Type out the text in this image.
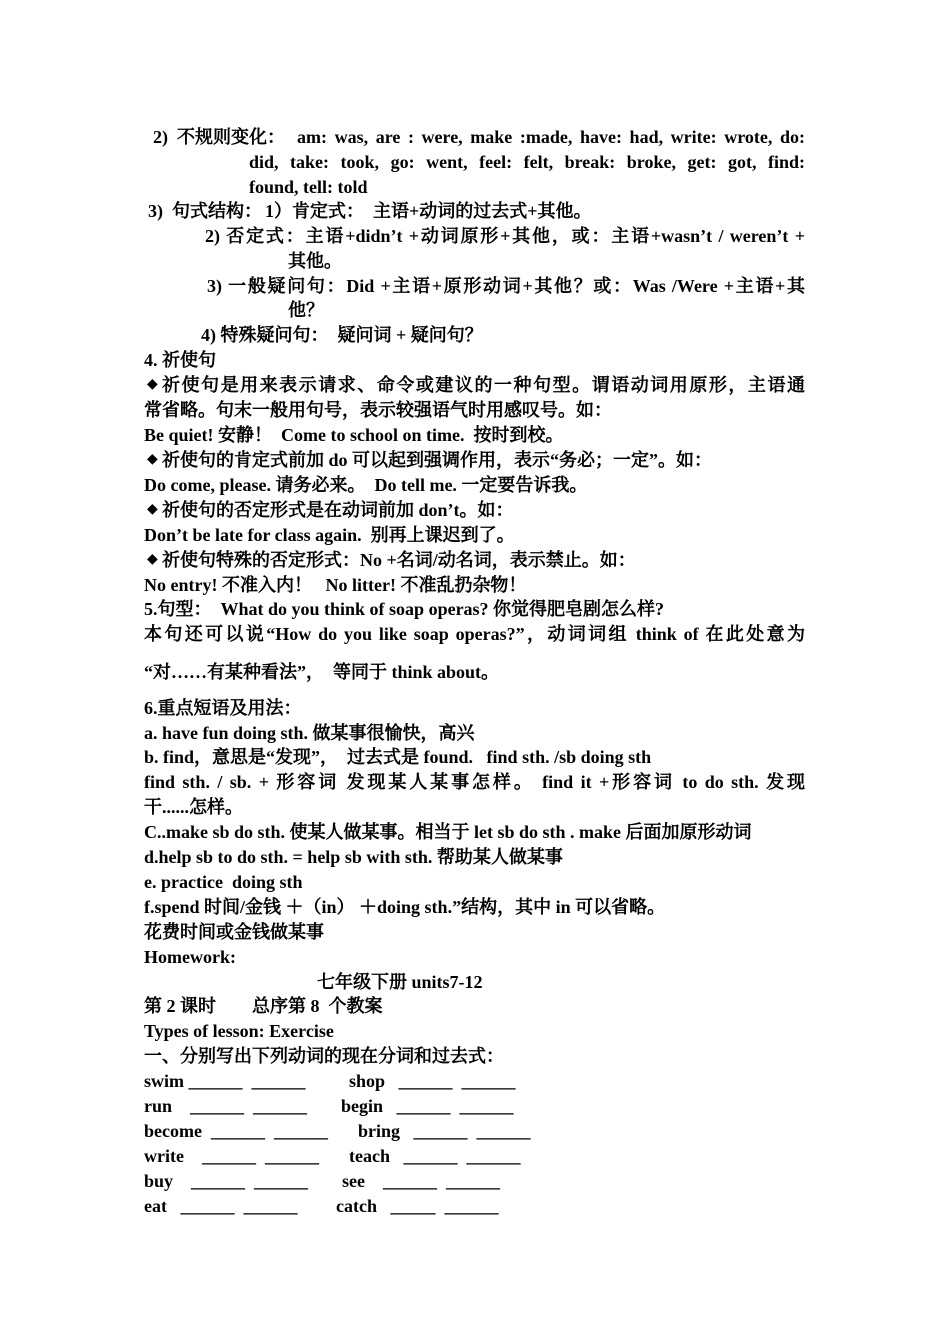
2)  不规则变化： am: was, are : were, make :made, have: had, write: wrote, do:
did, take: took, go: went, feel: felt, break: broke, get: got, find:
found, tell: told
3)  句式结构： 1）肯定式：  主语+动词的过去式+其他。
2) 否定式：主语+didn’t +动词原形+其他，或：主语+wasn’t / weren’t +
其他。
3) 一般疑问句：Did +主语+原形动词+其他？或：Was /Were +主语+其
他？
4) 特殊疑问句：  疑问词 + 疑问句？
4. 祈使句
◆ 祈使句是用来表示请求、命令或建议的一种句型。谓语动词用原形，主语通
常省略。句末一般用句号，表示较强语气时用感叹号。如：
Be quiet! 安静！  Come to school on time.  按时到校。
◆ 祈使句的肯定式前加 do 可以起到强调作用，表示“务必；一定”。如：
Do come, please. 请务必来。  Do tell me. 一定要告诉我。
◆ 祈使句的否定形式是在动词前加 don’t。如：
Don’t be late for class again.  别再上课迟到了。
◆ 祈使句特殊的否定形式：No +名词/动名词，表示禁止。如：
No entry! 不准入内！   No litter! 不准乱扔杂物！
5.句型：  What do you think of soap operas? 你觉得肥皂剧怎么样?
本句还可以说“How do you like soap operas?”，动词词组 think of 在此处意为
“对……有某种看法”，  等同于 think about。
6.重点短语及用法：
a. have fun doing sth. 做某事很愉快，高兴
b. find，意思是“发现”，  过去式是 found.   find sth. /sb doing sth
find sth. / sb. + 形容词 发现某人某事怎样。 find it +形容词 to do sth. 发现
干......怎样。
C..make sb do sth. 使某人做某事。相当于 let sb do sth . make 后面加原形动词
d.help sb to do sth. = help sb with sth. 帮助某人做某事
e. practice  doing sth
f.spend 时间/金钱 ＋（in） ＋doing sth.”结构，其中 in 可以省略。
花费时间或金钱做某事
Homework:
七年级下册 units7-12
第 2 课时        总序第 8  个教案
Types of lesson: Exercise
一、分别写出下列动词的现在分词和过去式：
swim ______  ______ shop   ______  ______
run    ______  ______ begin   ______  ______
become  ______  ______ bring   ______  ______
write    ______  ______ teach   ______  ______
buy    ______  ______ see    ______  ______
eat   ______  ______ catch   _____  ______
